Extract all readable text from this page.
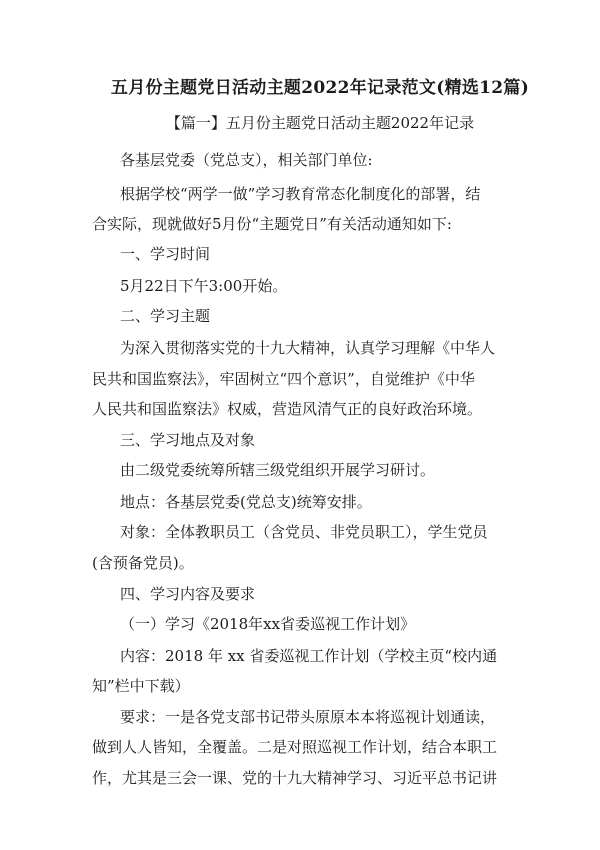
五月份主题党日活动主题2022年记录范文(精选12篇)
【篇一】五月份主题党日活动主题2022年记录
各基层党委（党总支），相关部门单位:
根据学校“两学一做”学习教育常态化制度化的部署，结
合实际，现就做好5月份“主题党日”有关活动通知如下:
一、学习时间
5月22日下午3:00开始。
二、学习主题
为深入贯彻落实党的十九大精神，认真学习理解《中华人
民共和国监察法》，牢固树立“四个意识”，自觉维护《中华
人民共和国监察法》权威，营造风清气正的良好政治环境。
三、学习地点及对象
由二级党委统筹所辖三级党组织开展学习研讨。
地点：各基层党委(党总支)统筹安排。
对象：全体教职员工（含党员、非党员职工），学生党员
(含预备党员)。
四、学习内容及要求
（一）学习《2018年xx省委巡视工作计划》
内容：2018 年 xx 省委巡视工作计划（学校主页“校内通
知”栏中下载）
要求：一是各党支部书记带头原原本本将巡视计划通读，
做到人人皆知，全覆盖。二是对照巡视工作计划，结合本职工
作，尤其是三会一课、党的十九大精神学习、习近平总书记讲
